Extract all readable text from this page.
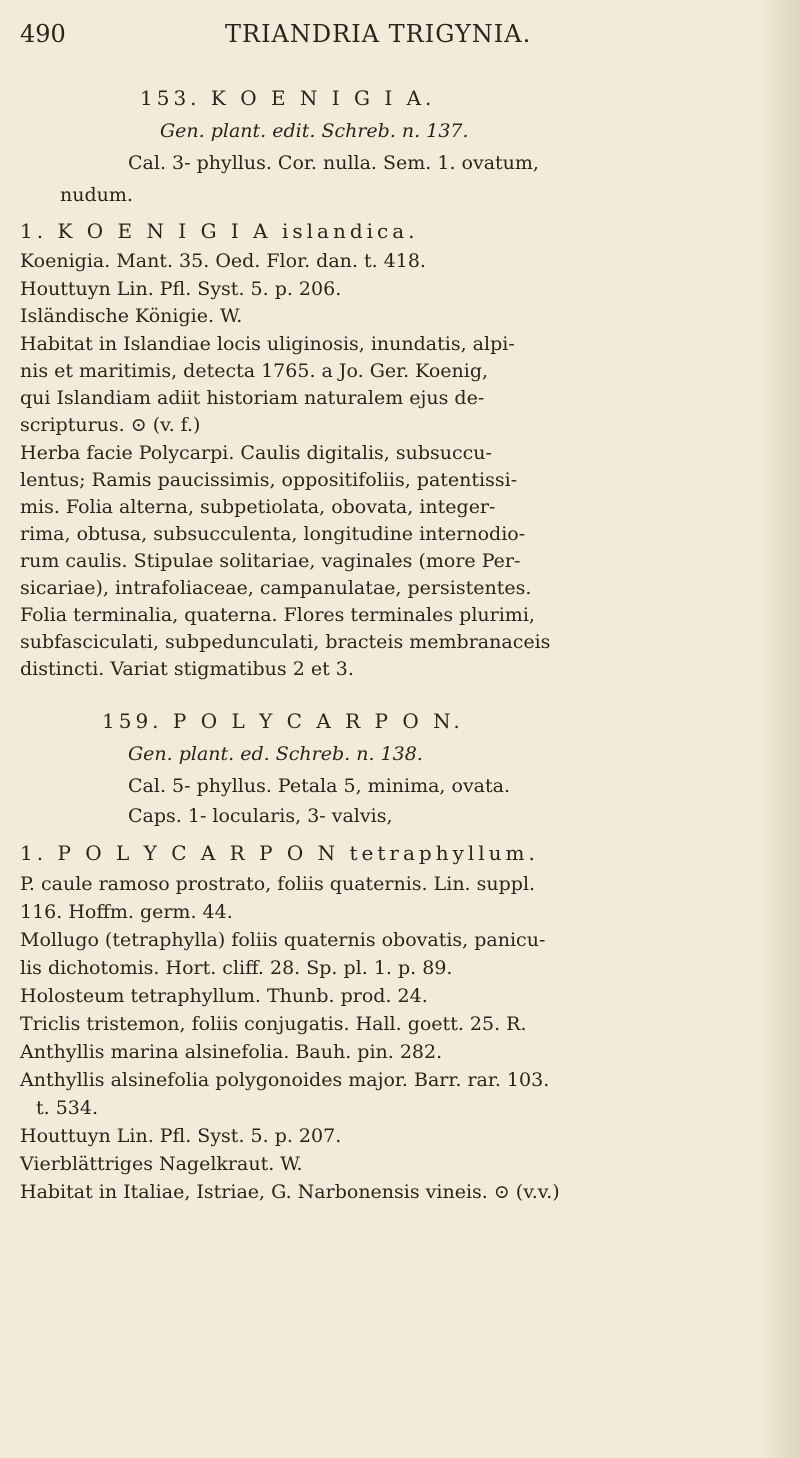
490	TRIANDRIA TRIGYNIA.
153. K O E N I G I A.
Gen. plant. edit. Schreb. n. 137.
Cal. 3- phyllus. Cor. nulla. Sem. 1. ovatum,
nudum.
1. K O E N I G I A islandica.
Koenigia. Mant. 35. Oed. Flor. dan. t. 418.
Houttuyn Lin. Pfl. Syst. 5. p. 206.
Isländische Königie. W.
Habitat in Islandiae locis uliginosis, inundatis, alpi-
nis et maritimis, detecta 1765. a Jo. Ger. Koenig,
qui Islandiam adiit historiam naturalem ejus de-
scripturus. ⊙ (v. f.)
Herba facie Polycarpi. Caulis digitalis, subsuccu-
lentus; Ramis paucissimis, oppositifoliis, patentissi-
mis. Folia alterna, subpetiolata, obovata, integer-
rima, obtusa, subsucculenta, longitudine internodio-
rum caulis. Stipulae solitariae, vaginales (more Per-
sicariae), intrafoliaceae, campanulatae, persistentes.
Folia terminalia, quaterna. Flores terminales plurimi,
subfasciculati, subpedunculati, bracteis membranaceis
distincti. Variat stigmatibus 2 et 3.
159. P O L Y C A R P O N.
Gen. plant. ed. Schreb. n. 138.
Cal. 5- phyllus. Petala 5, minima, ovata.
Caps. 1- locularis, 3- valvis,
1. P O L Y C A R P O N tetraphyllum.
P. caule ramoso prostrato, foliis quaternis. Lin. suppl.
116. Hoffm. germ. 44.
Mollugo (tetraphylla) foliis quaternis obovatis, panicu-
lis dichotomis. Hort. cliff. 28. Sp. pl. 1. p. 89.
Holosteum tetraphyllum. Thunb. prod. 24.
Triclis tristemon, foliis conjugatis. Hall. goett. 25. R.
Anthyllis marina alsinefolia. Bauh. pin. 282.
Anthyllis alsinefolia polygonoides major. Barr. rar. 103.
t. 534.
Houttuyn Lin. Pfl. Syst. 5. p. 207.
Vierblättriges Nagelkraut. W.
Habitat in Italiae, Istriae, G. Narbonensis vineis. ⊙ (v.v.)
